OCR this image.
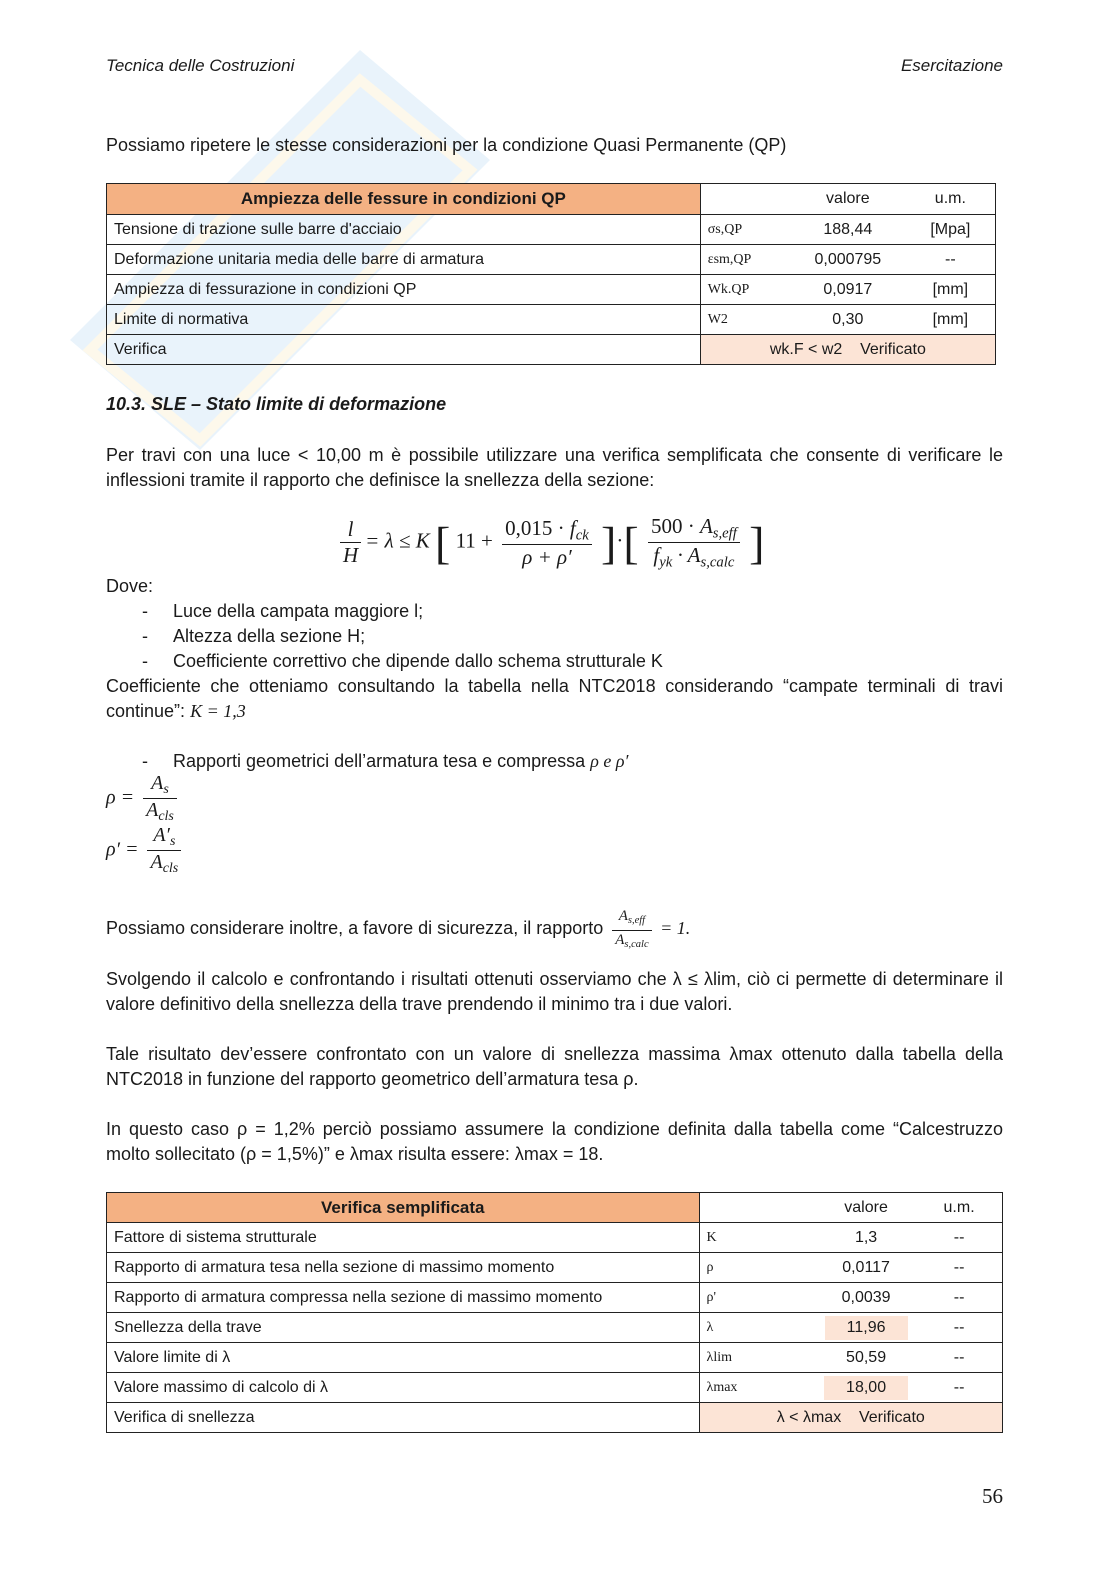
Tecnica delle Costruzioni	Esercitazione
Possiamo ripetere le stesse considerazioni per la condizione Quasi Permanente (QP)
Ampiezza delle fessure in condizioni QP		valore	u.m.
Tensione di trazione sulle barre d'acciaio	σs,QP	188,44	[Mpa]
Deformazione unitaria media delle barre di armatura	εsm,QP	0,000795	--
Ampiezza di fessurazione in condizioni QP	Wk.QP	0,0917	[mm]
Limite di normativa	W2	0,30	[mm]
Verifica	wk.F < w2    Verificato		
10.3. SLE – Stato limite di deformazione
Per travi con una luce < 10,00 m è possibile utilizzare una verifica semplificata che consente di verificare le inflessioni tramite il rapporto che definisce la snellezza della sezione:
$\frac{l}{H} = \lambda \le K$ [ $11 + \frac{0,015 \cdot f_{ck}}{\rho + \rho'}$ ]·[ $\frac{500 \cdot A_{s,eff}}{f_{yk} \cdot A_{s,calc}}$ ]
Dove:
- Luce della campata maggiore l;
- Altezza della sezione H;
- Coefficiente correttivo che dipende dallo schema strutturale K
Coefficiente che otteniamo consultando la tabella nella NTC2018 considerando “campate terminali di travi continue”: K = 1,3
- Rapporti geometrici dell’armatura tesa e compressa ρ e ρ′
$\rho = \frac{A_s}{A_{cls}}$
$\rho' = \frac{A'_s}{A_{cls}}$
Possiamo considerare inoltre, a favore di sicurezza, il rapporto $\frac{A_{s,eff}}{A_{s,calc}} = 1$.
Svolgendo il calcolo e confrontando i risultati ottenuti osserviamo che λ ≤ λlim, ciò ci permette di determinare il valore definitivo della snellezza della trave prendendo il minimo tra i due valori.
Tale risultato dev’essere confrontato con un valore di snellezza massima λmax ottenuto dalla tabella della NTC2018 in funzione del rapporto geometrico dell’armatura tesa ρ.
In questo caso ρ = 1,2% perciò possiamo assumere la condizione definita dalla tabella come “Calcestruzzo molto sollecitato (ρ = 1,5%)” e λmax risulta essere: λmax = 18.
Verifica semplificata		valore	u.m.
Fattore di sistema strutturale	K	1,3	--
Rapporto di armatura tesa nella sezione di massimo momento	ρ	0,0117	--
Rapporto di armatura compressa nella sezione di massimo momento	ρ'	0,0039	--
Snellezza della trave	λ	11,96	--
Valore limite di λ	λlim	50,59	--
Valore massimo di calcolo di λ	λmax	18,00	--
Verifica di snellezza	λ < λmax    Verificato		
56
